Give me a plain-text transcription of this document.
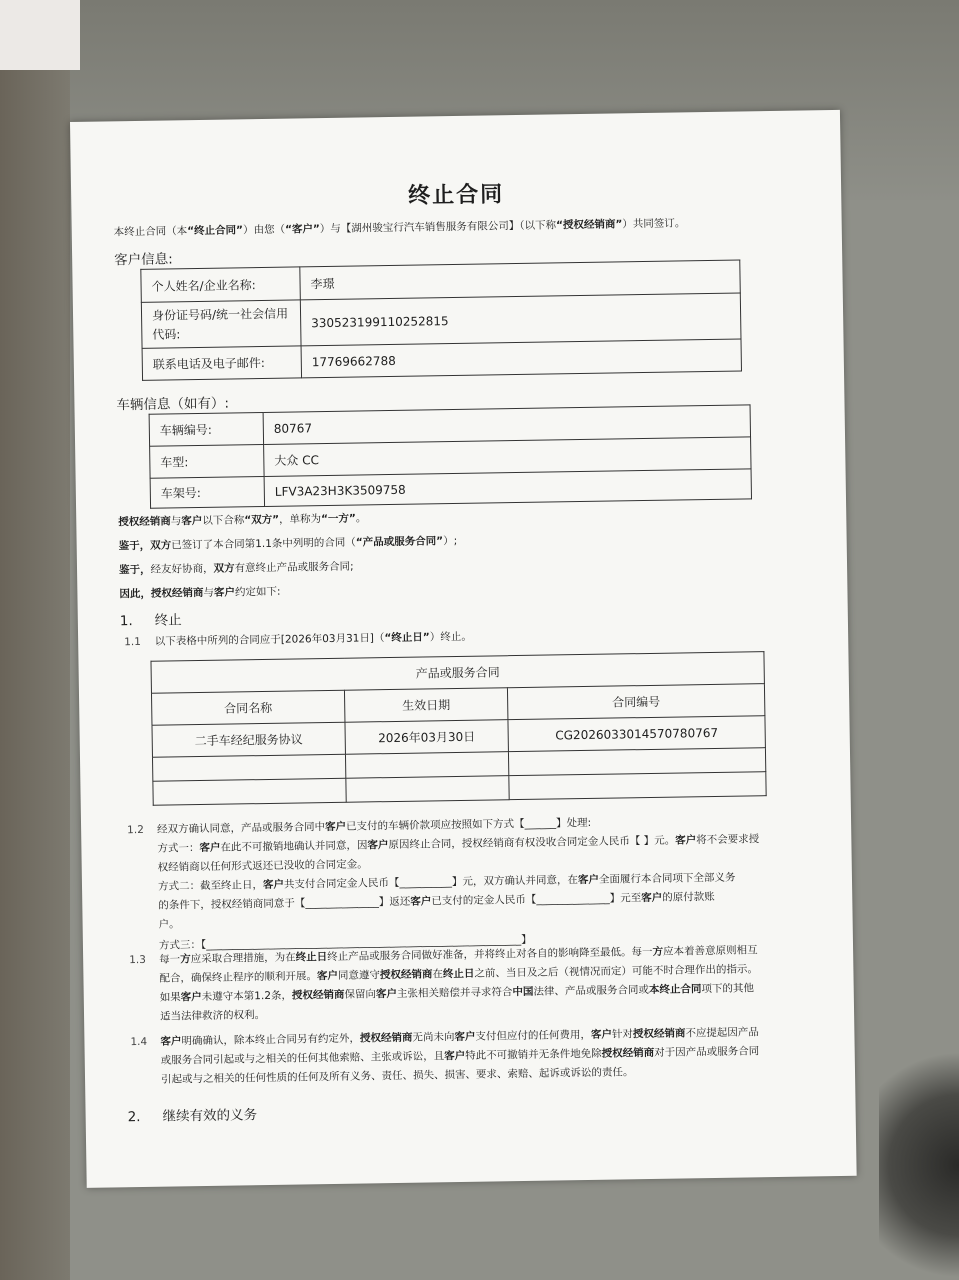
终止合同
本终止合同（本“终止合同”）由您（“客户”）与【湖州骏宝行汽车销售服务有限公司】（以下称“授权经销商”）共同签订。
客户信息:
个人姓名/企业名称:	李璟
身份证号码/统一社会信用代码:	330523199110252815
联系电话及电子邮件:	17769662788
车辆信息（如有）:
车辆编号:	80767
车型:	大众 CC
车架号:	LFV3A23H3K3509758
授权经销商与客户以下合称“双方”，单称为“一方”。
鉴于，双方已签订了本合同第1.1条中列明的合同（“产品或服务合同”）;
鉴于，经友好协商，双方有意终止产品或服务合同;
因此，授权经销商与客户约定如下:
1. 终止
1.1 以下表格中所列的合同应于[2026年03月31日]（“终止日”）终止。
产品或服务合同		
合同名称	生效日期	合同编号
二手车经纪服务协议	2026年03月30日	CG2026033014570780767

1.2 经双方确认同意，产品或服务合同中客户已支付的车辆价款项应按照如下方式【______】处理:
方式一：客户在此不可撤销地确认并同意，因客户原因终止合同，授权经销商有权没收合同定金人民币【 】元。客户将不会要求授
权经销商以任何形式返还已没收的合同定金。
方式二：截至终止日，客户共支付合同定金人民币【__________】元，双方确认并同意，在客户全面履行本合同项下全部义务
的条件下，授权经销商同意于【______________】返还客户已支付的定金人民币【______________】元至客户的原付款账
户。
方式三：【____________________________________________________________】
1.3 每一方应采取合理措施，为在终止日终止产品或服务合同做好准备，并将终止对各自的影响降至最低。每一方应本着善意原则相互
配合，确保终止程序的顺利开展。客户同意遵守授权经销商在终止日之前、当日及之后（视情况而定）可能不时合理作出的指示。
如果客户未遵守本第1.2条，授权经销商保留向客户主张相关赔偿并寻求符合中国法律、产品或服务合同或本终止合同项下的其他
适当法律救济的权利。
1.4 客户明确确认，除本终止合同另有约定外，授权经销商无尚未向客户支付但应付的任何费用，客户针对授权经销商不应提起因产品
或服务合同引起或与之相关的任何其他索赔、主张或诉讼，且客户特此不可撤销并无条件地免除授权经销商对于因产品或服务合同
引起或与之相关的任何性质的任何及所有义务、责任、损失、损害、要求、索赔、起诉或诉讼的责任。
2. 继续有效的义务
